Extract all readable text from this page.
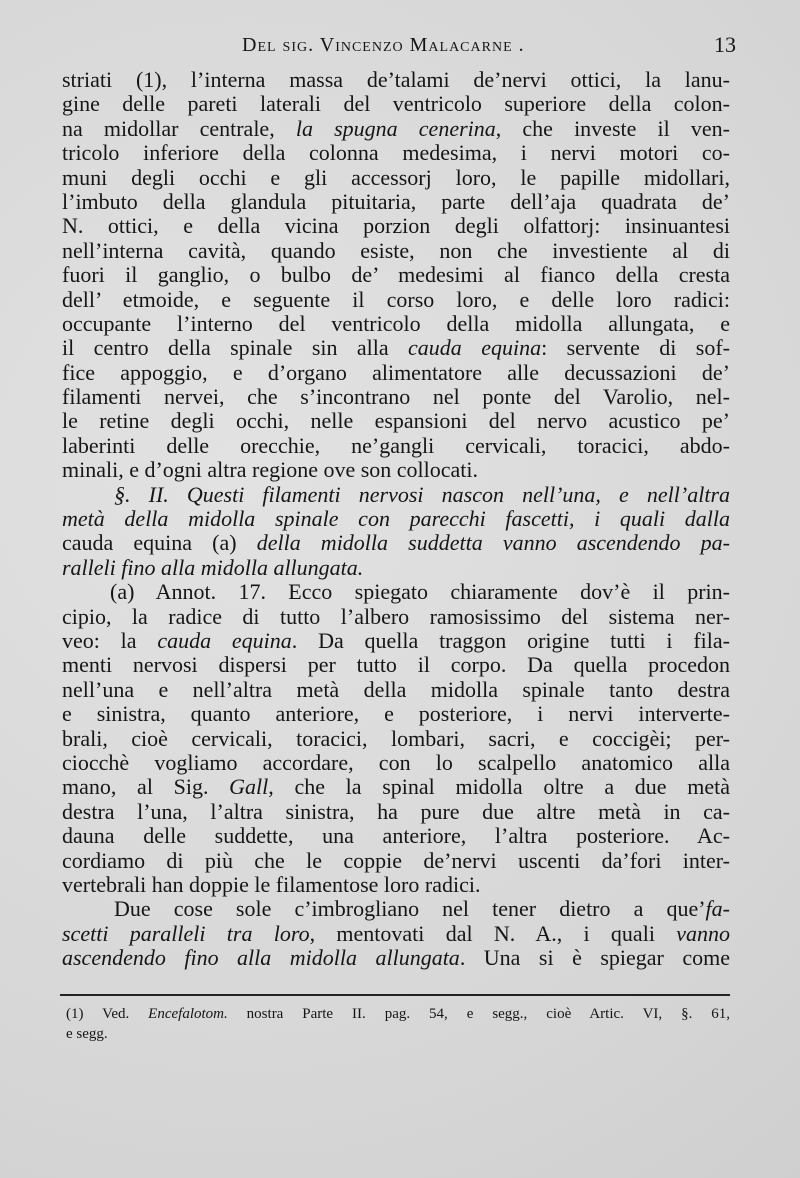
Del sig. Vincenzo Malacarne .	13
striati (1), l’interna massa de’talami de’nervi ottici, la lanu-
gine delle pareti laterali del ventricolo superiore della colon-
na midollar centrale, la spugna cenerina, che investe il ven-
tricolo inferiore della colonna medesima, i nervi motori co-
muni degli occhi e gli accessorj loro, le papille midollari,
l’imbuto della glandula pituitaria, parte dell’aja quadrata de’
N. ottici, e della vicina porzion degli olfattorj: insinuantesi
nell’interna cavità, quando esiste, non che investiente al di
fuori il ganglio, o bulbo de’ medesimi al fianco della cresta
dell’ etmoide, e seguente il corso loro, e delle loro radici:
occupante l’interno del ventricolo della midolla allungata, e
il centro della spinale sin alla cauda equina: servente di sof-
fice appoggio, e d’organo alimentatore alle decussazioni de’
filamenti nervei, che s’incontrano nel ponte del Varolio, nel-
le retine degli occhi, nelle espansioni del nervo acustico pe’
laberinti delle orecchie, ne’gangli cervicali, toracici, abdo-
minali, e d’ogni altra regione ove son collocati.
§. II. Questi filamenti nervosi nascon nell’una, e nell’altra
metà della midolla spinale con parecchi fascetti, i quali dalla
cauda equina (a) della midolla suddetta vanno ascendendo pa-
ralleli fino alla midolla allungata.
(a) Annot. 17. Ecco spiegato chiaramente dov’è il prin-
cipio, la radice di tutto l’albero ramosissimo del sistema ner-
veo: la cauda equina. Da quella traggon origine tutti i fila-
menti nervosi dispersi per tutto il corpo. Da quella procedon
nell’una e nell’altra metà della midolla spinale tanto destra
e sinistra, quanto anteriore, e posteriore, i nervi interverte-
brali, cioè cervicali, toracici, lombari, sacri, e coccigèi; per-
ciocchè vogliamo accordare, con lo scalpello anatomico alla
mano, al Sig. Gall, che la spinal midolla oltre a due metà
destra l’una, l’altra sinistra, ha pure due altre metà in ca-
dauna delle suddette, una anteriore, l’altra posteriore. Ac-
cordiamo di più che le coppie de’nervi uscenti da’fori inter-
vertebrali han doppie le filamentose loro radici.
Due cose sole c’imbrogliano nel tener dietro a que’fa-
scetti paralleli tra loro, mentovati dal N. A., i quali vanno
ascendendo fino alla midolla allungata. Una si è spiegar come
(1) Ved. Encefalotom. nostra Parte II. pag. 54, e segg., cioè Artic. VI, §. 61,
e segg.
